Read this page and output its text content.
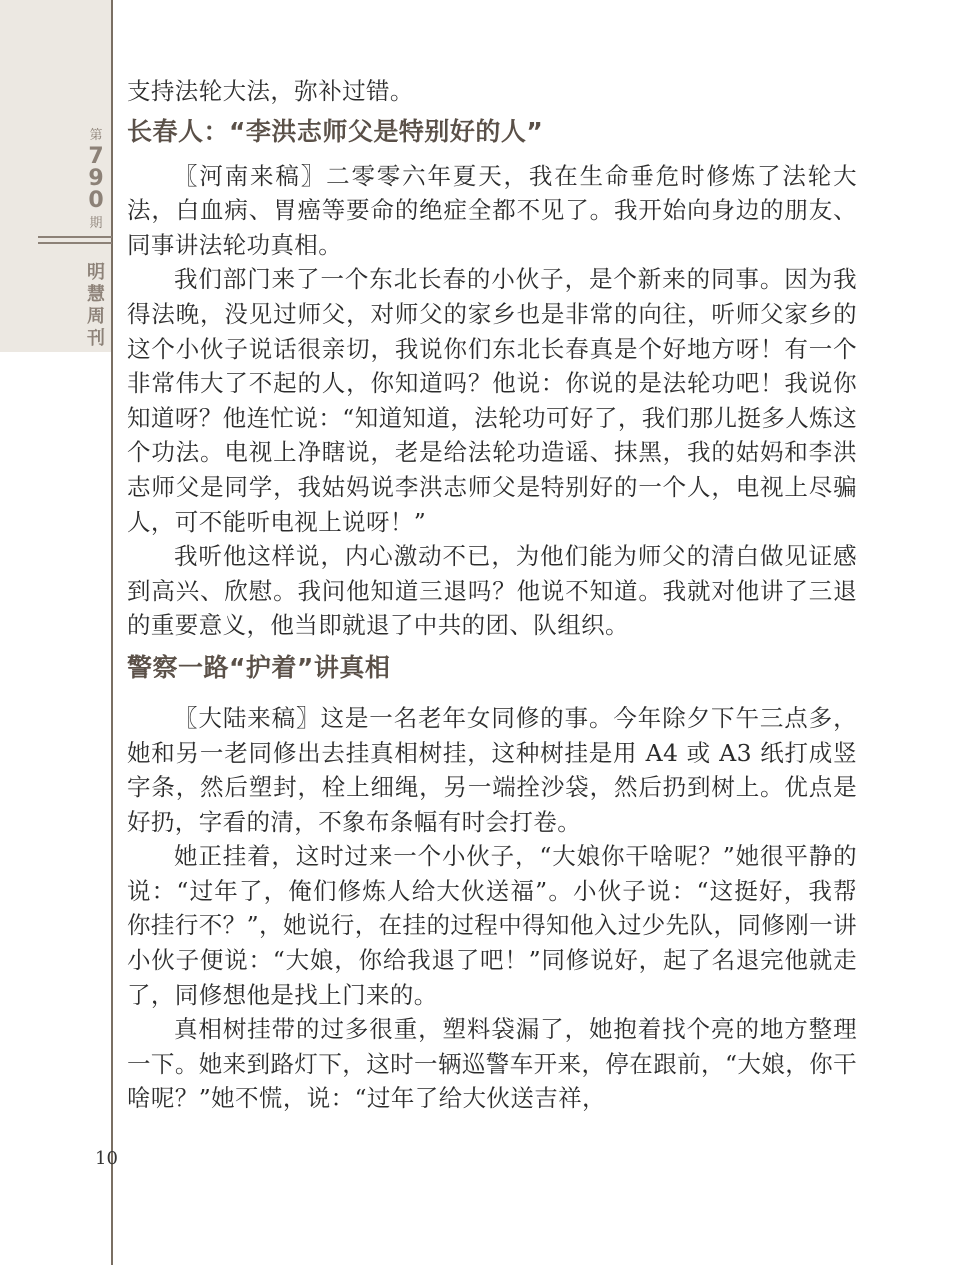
第
7
9
0
期
明
慧
周
刊
10

支持法轮大法，弥补过错。

长春人：“李洪志师父是特别好的人”

〖河南来稿〗二零零六年夏天，我在生命垂危时修炼了法轮大法，白血病、胃癌等要命的绝症全都不见了。我开始向身边的朋友、同事讲法轮功真相。

我们部门来了一个东北长春的小伙子，是个新来的同事。因为我得法晚，没见过师父，对师父的家乡也是非常的向往，听师父家乡的这个小伙子说话很亲切，我说你们东北长春真是个好地方呀！有一个非常伟大了不起的人，你知道吗？他说：你说的是法轮功吧！我说你知道呀？他连忙说：“知道知道，法轮功可好了，我们那儿挺多人炼这个功法。电视上净瞎说，老是给法轮功造谣、抹黑，我的姑妈和李洪志师父是同学，我姑妈说李洪志师父是特别好的一个人，电视上尽骗人，可不能听电视上说呀！”

我听他这样说，内心激动不已，为他们能为师父的清白做见证感到高兴、欣慰。我问他知道三退吗？他说不知道。我就对他讲了三退的重要意义，他当即就退了中共的团、队组织。

警察一路“护着”讲真相

〖大陆来稿〗这是一名老年女同修的事。今年除夕下午三点多，她和另一老同修出去挂真相树挂，这种树挂是用 A4 或 A3 纸打成竖字条，然后塑封，栓上细绳，另一端拴沙袋，然后扔到树上。优点是好扔，字看的清，不象布条幅有时会打卷。

她正挂着，这时过来一个小伙子，“大娘你干啥呢？”她很平静的说：“过年了，俺们修炼人给大伙送福”。小伙子说：“这挺好，我帮你挂行不？”，她说行，在挂的过程中得知他入过少先队，同修刚一讲小伙子便说：“大娘，你给我退了吧！”同修说好，起了名退完他就走了，同修想他是找上门来的。

真相树挂带的过多很重，塑料袋漏了，她抱着找个亮的地方整理一下。她来到路灯下，这时一辆巡警车开来，停在跟前，“大娘，你干啥呢？”她不慌，说：“过年了给大伙送吉祥，
